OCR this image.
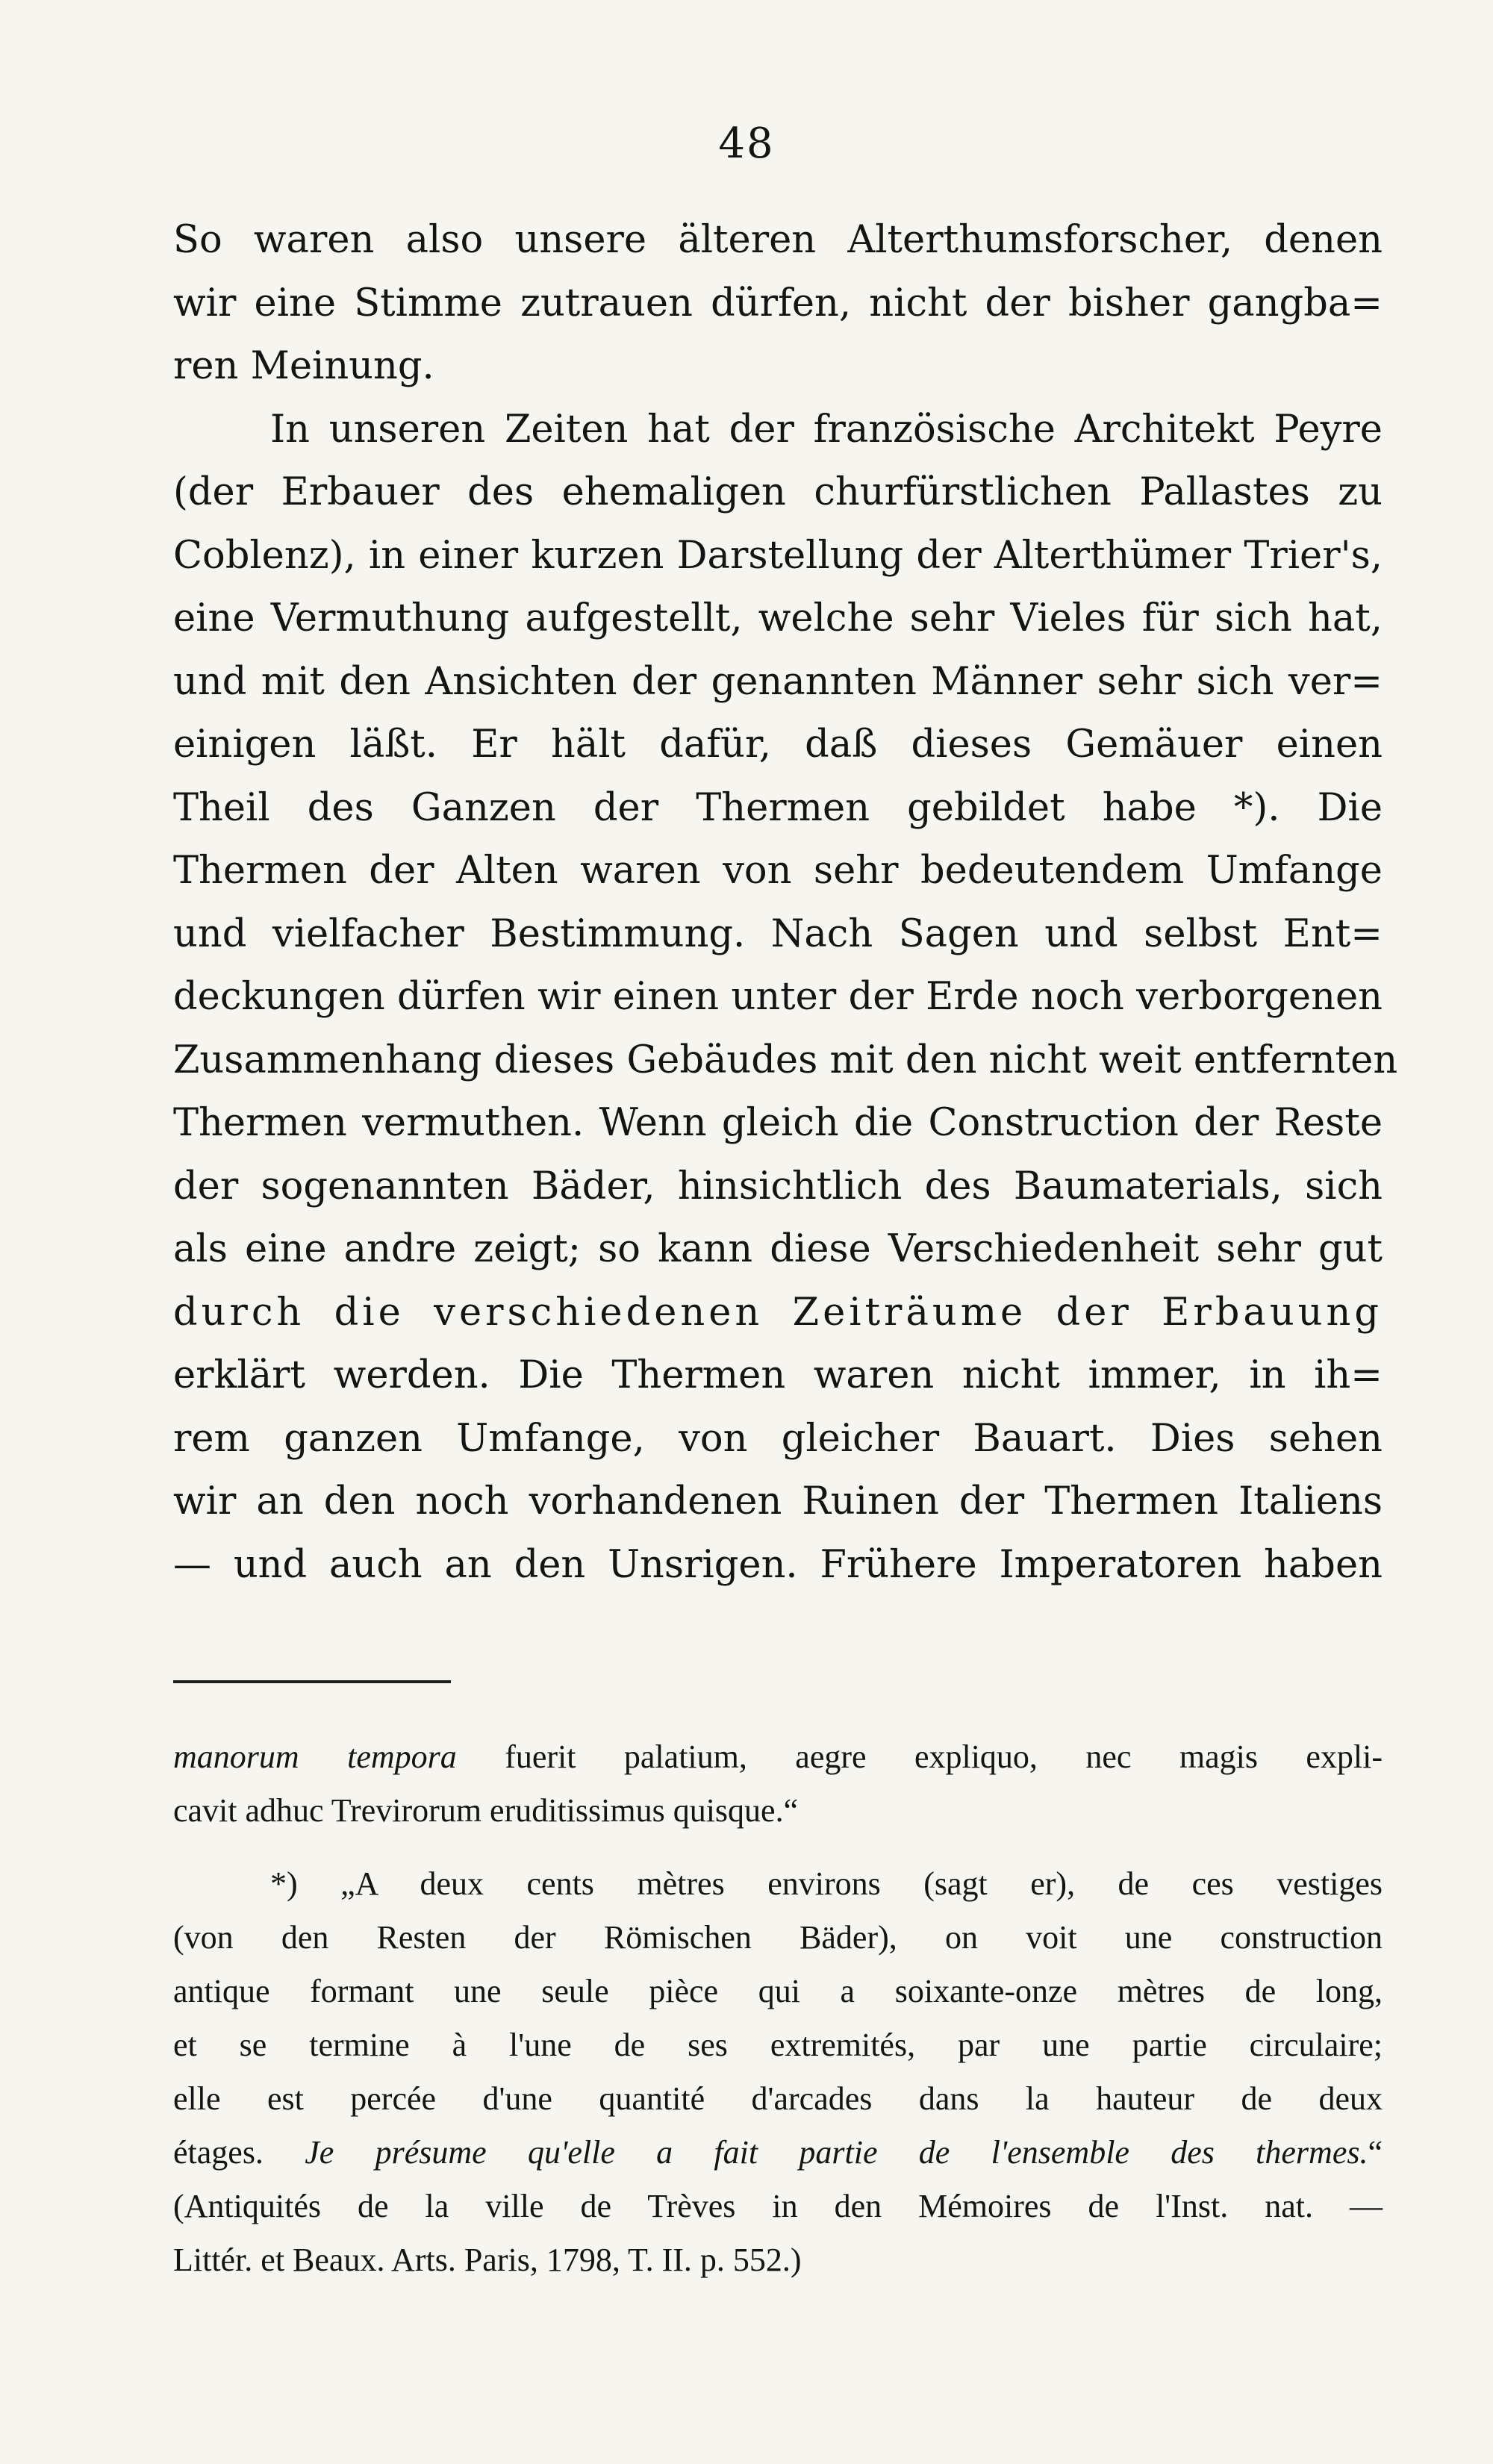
48
So waren also unsere älteren Alterthumsforscher, denen
wir eine Stimme zutrauen dürfen, nicht der bisher gangba=
ren Meinung.
In unseren Zeiten hat der französische Architekt Peyre
(der Erbauer des ehemaligen churfürstlichen Pallastes zu
Coblenz), in einer kurzen Darstellung der Alterthümer Trier's,
eine Vermuthung aufgestellt, welche sehr Vieles für sich hat,
und mit den Ansichten der genannten Männer sehr sich ver=
einigen läßt. Er hält dafür, daß dieses Gemäuer einen
Theil des Ganzen der Thermen gebildet habe *). Die
Thermen der Alten waren von sehr bedeutendem Umfange
und vielfacher Bestimmung. Nach Sagen und selbst Ent=
deckungen dürfen wir einen unter der Erde noch verborgenen
Zusammenhang dieses Gebäudes mit den nicht weit entfernten
Thermen vermuthen. Wenn gleich die Construction der Reste
der sogenannten Bäder, hinsichtlich des Baumaterials, sich
als eine andre zeigt; so kann diese Verschiedenheit sehr gut
durch die verschiedenen Zeiträume der Erbauung
erklärt werden. Die Thermen waren nicht immer, in ih=
rem ganzen Umfange, von gleicher Bauart. Dies sehen
wir an den noch vorhandenen Ruinen der Thermen Italiens
— und auch an den Unsrigen. Frühere Imperatoren haben
manorum tempora fuerit palatium, aegre expliquo, nec magis expli-
cavit adhuc Trevirorum eruditissimus quisque.“
*) „A deux cents mètres environs (sagt er), de ces vestiges
(von den Resten der Römischen Bäder), on voit une construction
antique formant une seule pièce qui a soixante-onze mètres de long,
et se termine à l'une de ses extremités, par une partie circulaire;
elle est percée d'une quantité d'arcades dans la hauteur de deux
étages. Je présume qu'elle a fait partie de l'ensemble des thermes.“
(Antiquités de la ville de Trèves in den Mémoires de l'Inst. nat. —
Littér. et Beaux. Arts. Paris, 1798, T. II. p. 552.)
